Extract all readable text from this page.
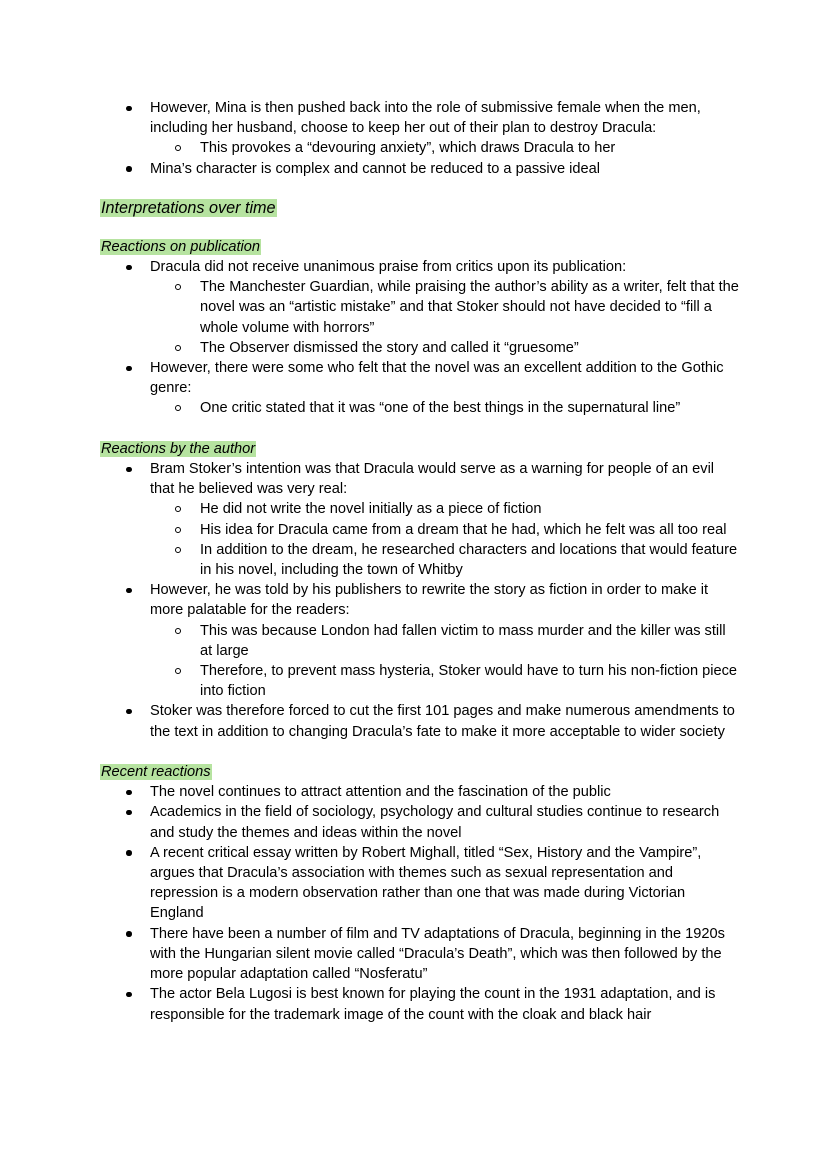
However, Mina is then pushed back into the role of submissive female when the men, including her husband, choose to keep her out of their plan to destroy Dracula:
This provokes a “devouring anxiety”, which draws Dracula to her
Mina’s character is complex and cannot be reduced to a passive ideal
Interpretations over time
Reactions on publication
Dracula did not receive unanimous praise from critics upon its publication:
The Manchester Guardian, while praising the author’s ability as a writer, felt that the novel was an “artistic mistake” and that Stoker should not have decided to “fill a whole volume with horrors”
The Observer dismissed the story and called it “gruesome”
However, there were some who felt that the novel was an excellent addition to the Gothic genre:
One critic stated that it was “one of the best things in the supernatural line”
Reactions by the author
Bram Stoker’s intention was that Dracula would serve as a warning for people of an evil that he believed was very real:
He did not write the novel initially as a piece of fiction
His idea for Dracula came from a dream that he had, which he felt was all too real
In addition to the dream, he researched characters and locations that would feature in his novel, including the town of Whitby
However, he was told by his publishers to rewrite the story as fiction in order to make it more palatable for the readers:
This was because London had fallen victim to mass murder and the killer was still at large
Therefore, to prevent mass hysteria, Stoker would have to turn his non-fiction piece into fiction
Stoker was therefore forced to cut the first 101 pages and make numerous amendments to the text in addition to changing Dracula’s fate to make it more acceptable to wider society
Recent reactions
The novel continues to attract attention and the fascination of the public
Academics in the field of sociology, psychology and cultural studies continue to research and study the themes and ideas within the novel
A recent critical essay written by Robert Mighall, titled “Sex, History and the Vampire”, argues that Dracula’s association with themes such as sexual representation and repression is a modern observation rather than one that was made during Victorian England
There have been a number of film and TV adaptations of Dracula, beginning in the 1920s with the Hungarian silent movie called “Dracula’s Death”, which was then followed by the more popular adaptation called “Nosferatu”
The actor Bela Lugosi is best known for playing the count in the 1931 adaptation, and is responsible for the trademark image of the count with the cloak and black hair
